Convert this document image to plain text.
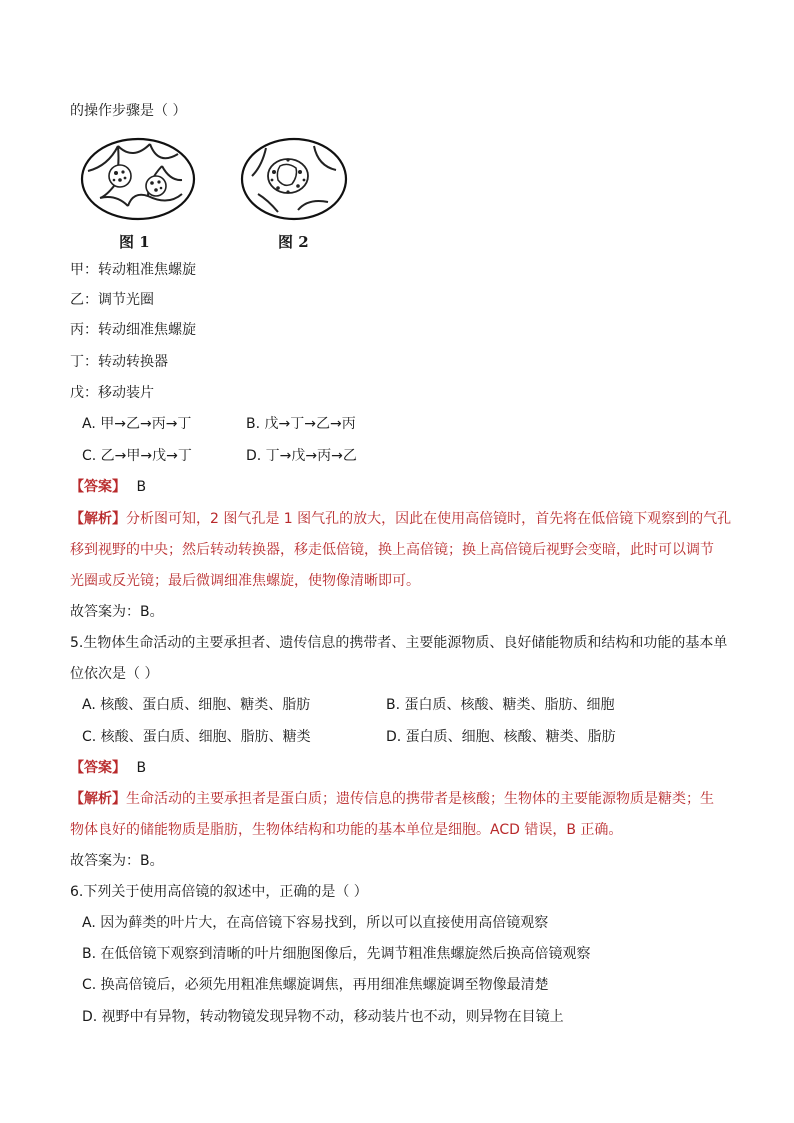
的操作步骤是（ ）
图 1	图 2
甲：转动粗准焦螺旋
乙：调节光圈
丙：转动细准焦螺旋
丁：转动转换器
戊：移动装片
A. 甲→乙→丙→丁	B. 戊→丁→乙→丙
C. 乙→甲→戊→丁	D. 丁→戊→丙→乙
【答案】 B
【解析】分析图可知，2 图气孔是 1 图气孔的放大，因此在使用高倍镜时，首先将在低倍镜下观察到的气孔
移到视野的中央；然后转动转换器，移走低倍镜，换上高倍镜；换上高倍镜后视野会变暗，此时可以调节
光圈或反光镜；最后微调细准焦螺旋，使物像清晰即可。
故答案为：B。
5.生物体生命活动的主要承担者、遗传信息的携带者、主要能源物质、良好储能物质和结构和功能的基本单
位依次是（ ）
A. 核酸、蛋白质、细胞、糖类、脂肪	B. 蛋白质、核酸、糖类、脂肪、细胞
C. 核酸、蛋白质、细胞、脂肪、糖类	D. 蛋白质、细胞、核酸、糖类、脂肪
【答案】 B
【解析】生命活动的主要承担者是蛋白质；遗传信息的携带者是核酸；生物体的主要能源物质是糖类；生
物体良好的储能物质是脂肪，生物体结构和功能的基本单位是细胞。ACD 错误，B 正确。
故答案为：B。
6.下列关于使用高倍镜的叙述中，正确的是（ ）
A. 因为藓类的叶片大，在高倍镜下容易找到，所以可以直接使用高倍镜观察
B. 在低倍镜下观察到清晰的叶片细胞图像后，先调节粗准焦螺旋然后换高倍镜观察
C. 换高倍镜后，必须先用粗准焦螺旋调焦，再用细准焦螺旋调至物像最清楚
D. 视野中有异物，转动物镜发现异物不动，移动装片也不动，则异物在目镜上
